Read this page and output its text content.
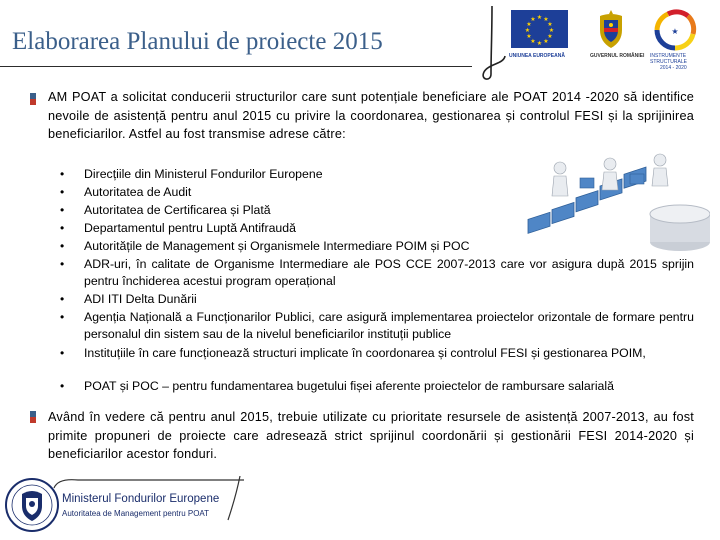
Elaborarea Planului de proiecte 2015
★ ★
★
★
★
★
★
★
★
★
★
★
UNIUNEA EUROPEANĂ	GUVERNUL ROMÂNIEI
★
INSTRUMENTE STRUCTURALE
2014 - 2020
AM POAT a solicitat conducerii structurilor care sunt potențiale beneficiare ale POAT 2014 -2020 să identifice nevoile de asistență pentru anul 2015 cu privire la coordonarea, gestionarea și controlul FESI și la sprijinirea beneficiarilor. Astfel au fost transmise adrese către:
• Direcțiile din Ministerul Fondurilor Europene
• Autoritatea de Audit
• Autoritatea de Certificarea și Plată
• Departamentul pentru Luptă Antifraudă
• Autoritățile de Management și Organismele Intermediare POIM și POC
• ADR-uri, în calitate de Organisme Intermediare ale POS CCE 2007-2013 care vor asigura după 2015 sprijin pentru închiderea acestui program operațional
• ADI ITI Delta Dunării
• Agenția Națională a Funcționarilor Publici, care asigură implementarea proiectelor orizontale de formare pentru personalul din sistem sau de la nivelul beneficiarilor instituții publice
• Instituțiile în care funcționează structuri implicate în coordonarea și controlul FESI și gestionarea POIM,
• POAT și POC – pentru fundamentarea bugetului fișei aferente proiectelor de rambursare salarială
Având în vedere că pentru anul 2015, trebuie utilizate cu prioritate resursele de asistență 2007-2013, au fost primite propuneri de proiecte care adresează strict sprijinul coordonării și gestionării FESI 2014-2020 și beneficiarilor acestor fonduri.
Ministerul Fondurilor Europene
Autoritatea de Management pentru POAT
